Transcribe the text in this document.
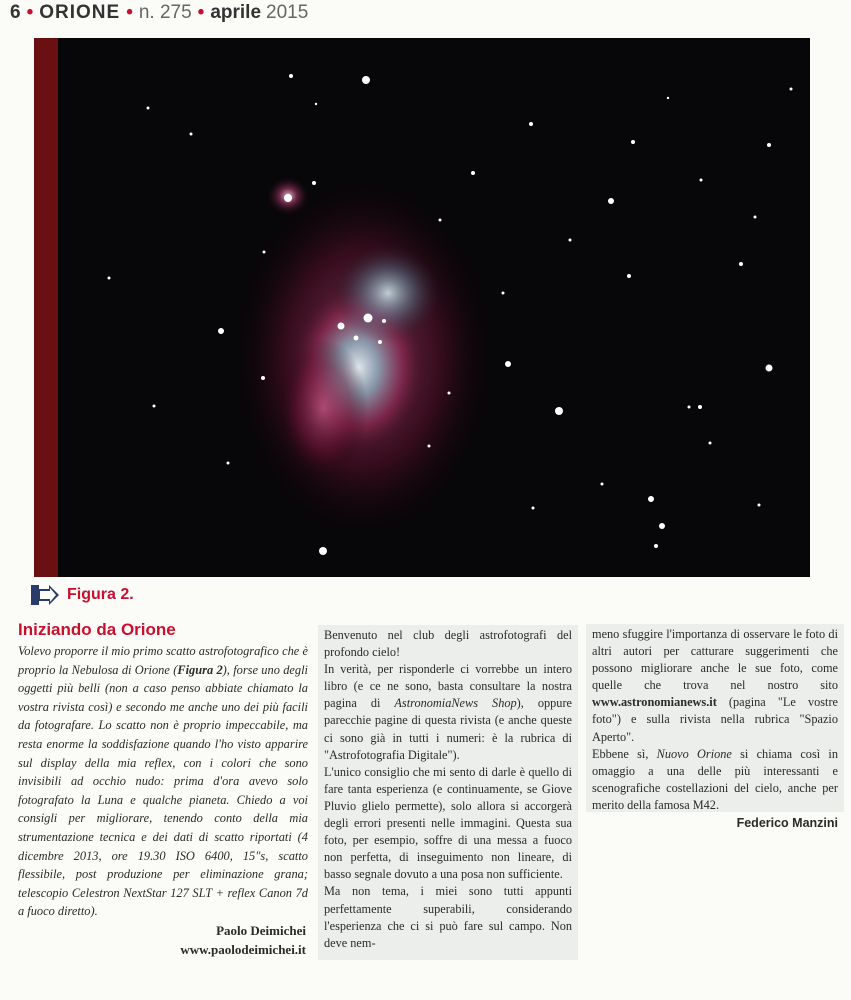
6 • ORIONE • n. 275 • aprile 2015
Figura 2.
Iniziando da Orione

Volevo proporre il mio primo scatto astrofotografico che è proprio la Nebulosa di Orione (Figura 2), forse uno degli oggetti più belli (non a caso penso abbiate chiamato la vostra rivista così) e secondo me anche uno dei più facili da fotografare. Lo scatto non è proprio impeccabile, ma resta enorme la soddisfazione quando l'ho visto apparire sul display della mia reflex, con i colori che sono invisibili ad occhio nudo: prima d'ora avevo solo fotografato la Luna e qualche pianeta. Chiedo a voi consigli per migliorare, tenendo conto della mia strumentazione tecnica e dei dati di scatto riportati (4 dicembre 2013, ore 19.30 ISO 6400, 15"s, scatto flessibile, post produzione per eliminazione grana; telescopio Celestron NextStar 127 SLT + reflex Canon 7d a fuoco diretto).

Paolo Deimichei
www.paolodeimichei.it

Benvenuto nel club degli astrofotografi del profondo cielo!

In verità, per risponderle ci vorrebbe un intero libro (e ce ne sono, basta consultare la nostra pagina di AstronomiaNews Shop), oppure parecchie pagine di questa rivista (e anche queste ci sono già in tutti i numeri: è la rubrica di "Astrofotografia Digitale").

L'unico consiglio che mi sento di darle è quello di fare tanta esperienza (e continuamente, se Giove Pluvio glielo permette), solo allora si accorgerà degli errori presenti nelle immagini. Questa sua foto, per esempio, soffre di una messa a fuoco non perfetta, di inseguimento non lineare, di basso segnale dovuto a una posa non sufficiente.

Ma non tema, i miei sono tutti appunti perfettamente superabili, considerando l'esperienza che ci si può fare sul campo. Non deve nem-

meno sfuggire l'importanza di osservare le foto di altri autori per catturare suggerimenti che possono migliorare anche le sue foto, come quelle che trova nel nostro sito www.astronomianews.it (pagina "Le vostre foto") e sulla rivista nella rubrica "Spazio Aperto".

Ebbene sì, Nuovo Orione si chiama così in omaggio a una delle più interessanti e scenografiche costellazioni del cielo, anche per merito della famosa M42.

Federico Manzini
